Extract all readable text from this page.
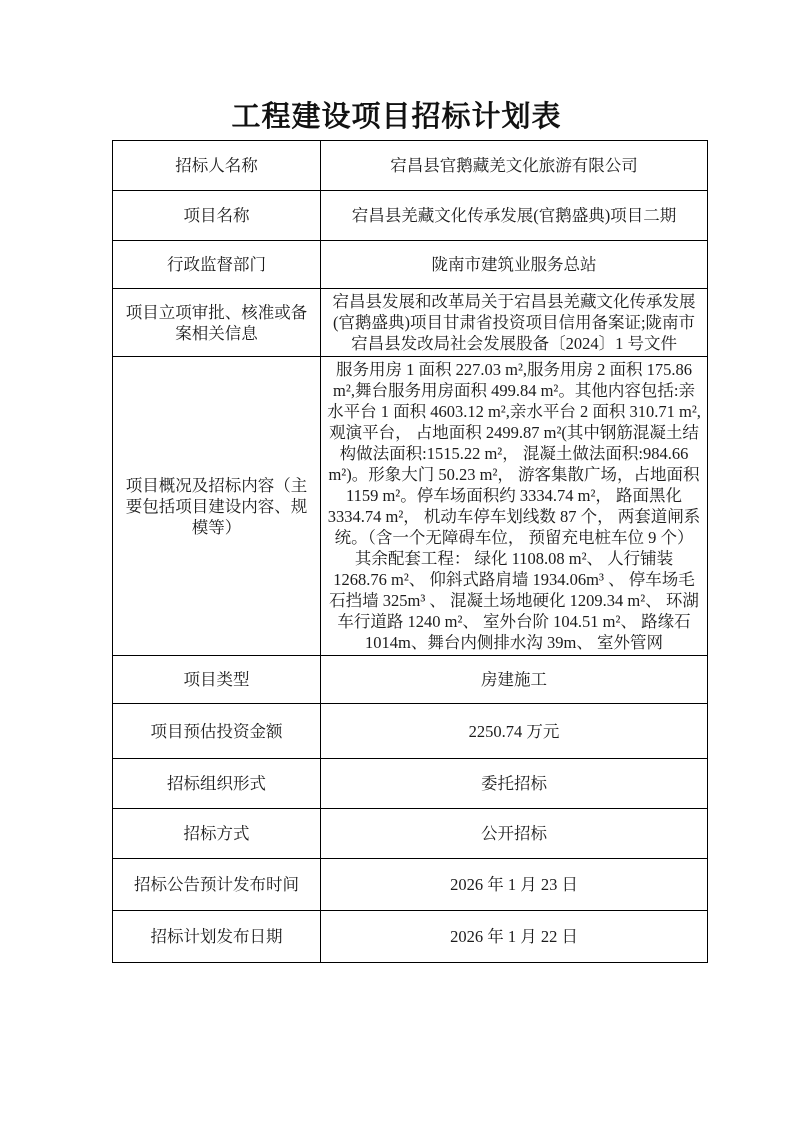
工程建设项目招标计划表
招标人名称	宕昌县官鹅藏羌文化旅游有限公司
项目名称	宕昌县羌藏文化传承发展(官鹅盛典)项目二期
行政监督部门	陇南市建筑业服务总站
项目立项审批、核准或备案相关信息	宕昌县发展和改革局关于宕昌县羌藏文化传承发展(官鹅盛典)项目甘肃省投资项目信用备案证;陇南市宕昌县发改局社会发展股备〔2024〕1 号文件
项目概况及招标内容（主要包括项目建设内容、规模等）	服务用房 1 面积 227.03 m²,服务用房 2 面积 175.86 m²,舞台服务用房面积 499.84 m²。其他内容包括:亲水平台 1 面积 4603.12 m²,亲水平台 2 面积 310.71 m²,观演平台， 占地面积 2499.87 m²(其中钢筋混凝土结构做法面积:1515.22 m²， 混凝土做法面积:984.66 m²)。形象大门 50.23 m²， 游客集散广场，占地面积 1159 m²。停车场面积约 3334.74 m²， 路面黑化 3334.74 m²， 机动车停车划线数 87 个， 两套道闸系统。（含一个无障碍车位， 预留充电桩车位 9 个）其余配套工程： 绿化 1108.08 m²、 人行铺装 1268.76 m²、 仰斜式路肩墙 1934.06m³ 、 停车场毛石挡墙 325m³ 、 混凝土场地硬化 1209.34 m²、 环湖车行道路 1240 m²、 室外台阶 104.51 m²、 路缘石 1014m、舞台内侧排水沟 39m、 室外管网
项目类型	房建施工
项目预估投资金额	2250.74 万元
招标组织形式	委托招标
招标方式	公开招标
招标公告预计发布时间	2026 年 1 月 23 日
招标计划发布日期	2026 年 1 月 22 日
